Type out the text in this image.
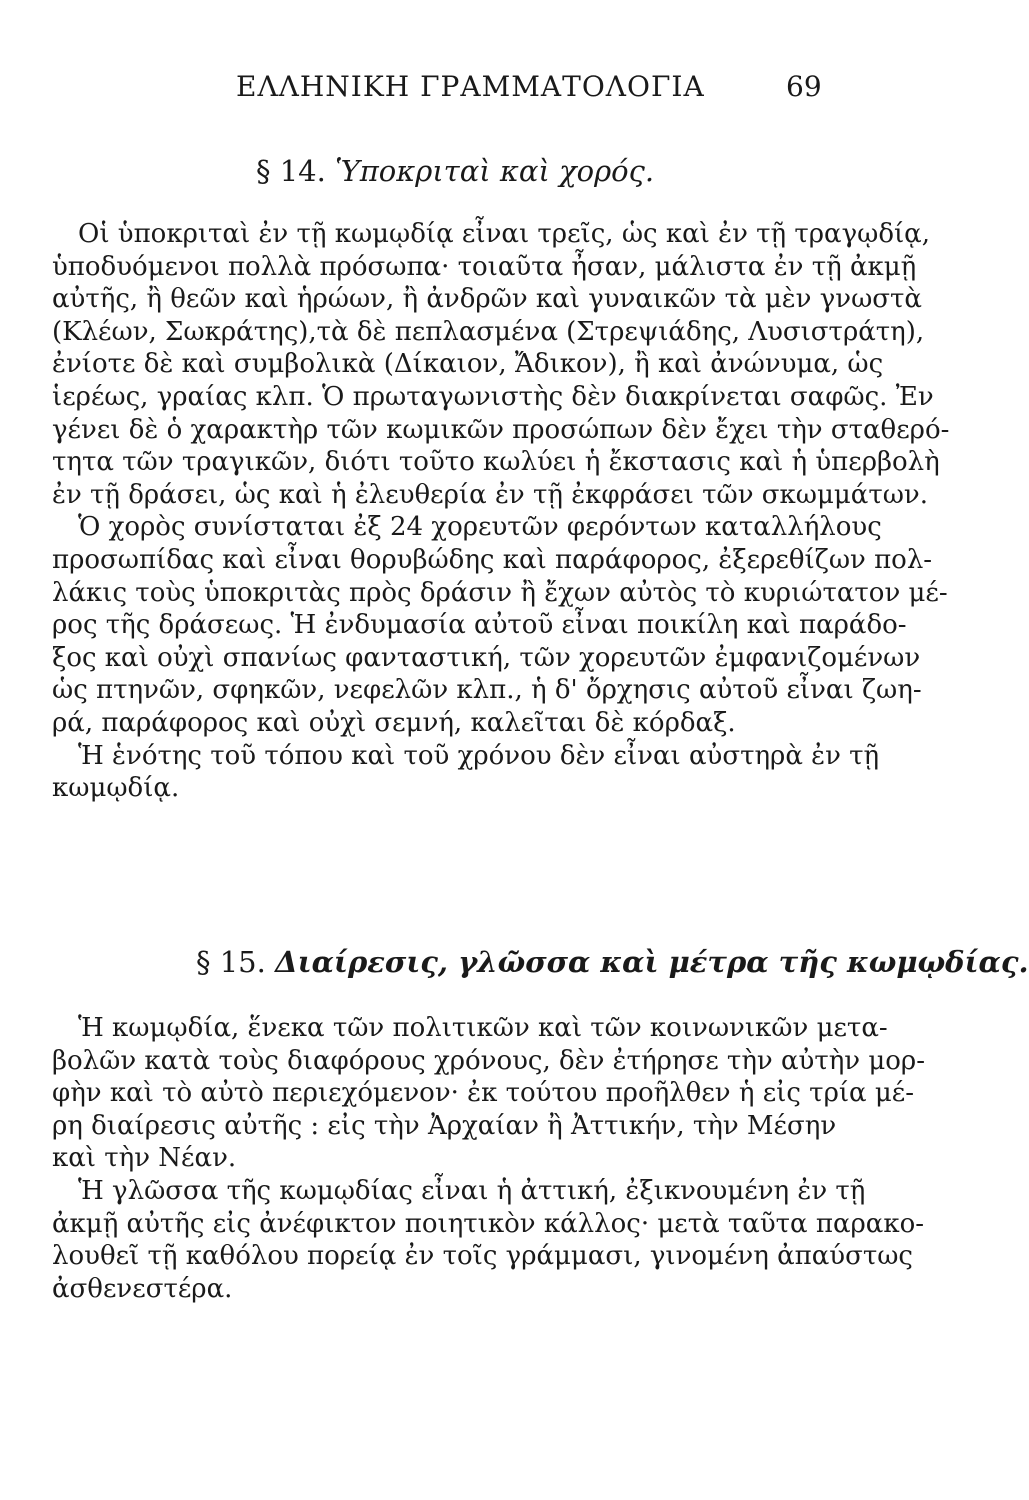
ΕΛΛΗΝΙΚΗ ΓΡΑΜΜΑΤΟΛΟΓΙΑ	69
§ 14. Ὑποκριταὶ καὶ χορός.
Οἱ ὑποκριταὶ ἐν τῇ κωμῳδίᾳ εἶναι τρεῖς, ὡς καὶ ἐν τῇ τραγῳδίᾳ,
ὑποδυόμενοι πολλὰ πρόσωπα· τοιαῦτα ἦσαν, μάλιστα ἐν τῇ ἀκμῇ
αὐτῆς, ἢ θεῶν καὶ ἡρώων, ἢ ἀνδρῶν καὶ γυναικῶν τὰ μὲν γνωστὰ
(Κλέων, Σωκράτης),τὰ δὲ πεπλασμένα (Στρεψιάδης, Λυσιστράτη),
ἐνίοτε δὲ καὶ συμβολικὰ (Δίκαιον, Ἄδικον), ἢ καὶ ἀνώνυμα, ὡς
ἱερέως, γραίας κλπ. Ὁ πρωταγωνιστὴς δὲν διακρίνεται σαφῶς. Ἐν
γένει δὲ ὁ χαρακτὴρ τῶν κωμικῶν προσώπων δὲν ἔχει τὴν σταθερό-
τητα τῶν τραγικῶν, διότι τοῦτο κωλύει ἡ ἔκστασις καὶ ἡ ὑπερβολὴ
ἐν τῇ δράσει, ὡς καὶ ἡ ἐλευθερία ἐν τῇ ἐκφράσει τῶν σκωμμάτων.
Ὁ χορὸς συνίσταται ἐξ 24 χορευτῶν φερόντων καταλλήλους
προσωπίδας καὶ εἶναι θορυβώδης καὶ παράφορος, ἐξερεθίζων πολ-
λάκις τοὺς ὑποκριτὰς πρὸς δράσιν ἢ ἔχων αὐτὸς τὸ κυριώτατον μέ-
ρος τῆς δράσεως. Ἡ ἐνδυμασία αὐτοῦ εἶναι ποικίλη καὶ παράδο-
ξος καὶ οὐχὶ σπανίως φανταστική, τῶν χορευτῶν ἐμφανιζομένων
ὡς πτηνῶν, σφηκῶν, νεφελῶν κλπ., ἡ δ' ὄρχησις αὐτοῦ εἶναι ζωη-
ρά, παράφορος καὶ οὐχὶ σεμνή, καλεῖται δὲ κόρδαξ.
Ἡ ἑνότης τοῦ τόπου καὶ τοῦ χρόνου δὲν εἶναι αὐστηρὰ ἐν τῇ
κωμῳδίᾳ.
§ 15. Διαίρεσις, γλῶσσα καὶ μέτρα τῆς κωμῳδίας.
Ἡ κωμῳδία, ἕνεκα τῶν πολιτικῶν καὶ τῶν κοινωνικῶν μετα-
βολῶν κατὰ τοὺς διαφόρους χρόνους, δὲν ἐτήρησε τὴν αὐτὴν μορ-
φὴν καὶ τὸ αὐτὸ περιεχόμενον· ἐκ τούτου προῆλθεν ἡ εἰς τρία μέ-
ρη διαίρεσις αὐτῆς : εἰς τὴν Ἀρχαίαν ἢ Ἀττικήν, τὴν Μέσην
καὶ τὴν Νέαν.
Ἡ γλῶσσα τῆς κωμῳδίας εἶναι ἡ ἀττική, ἐξικνουμένη ἐν τῇ
ἀκμῇ αὐτῆς εἰς ἀνέφικτον ποιητικὸν κάλλος· μετὰ ταῦτα παρακο-
λουθεῖ τῇ καθόλου πορείᾳ ἐν τοῖς γράμμασι, γινομένη ἀπαύστως
ἀσθενεστέρα.
